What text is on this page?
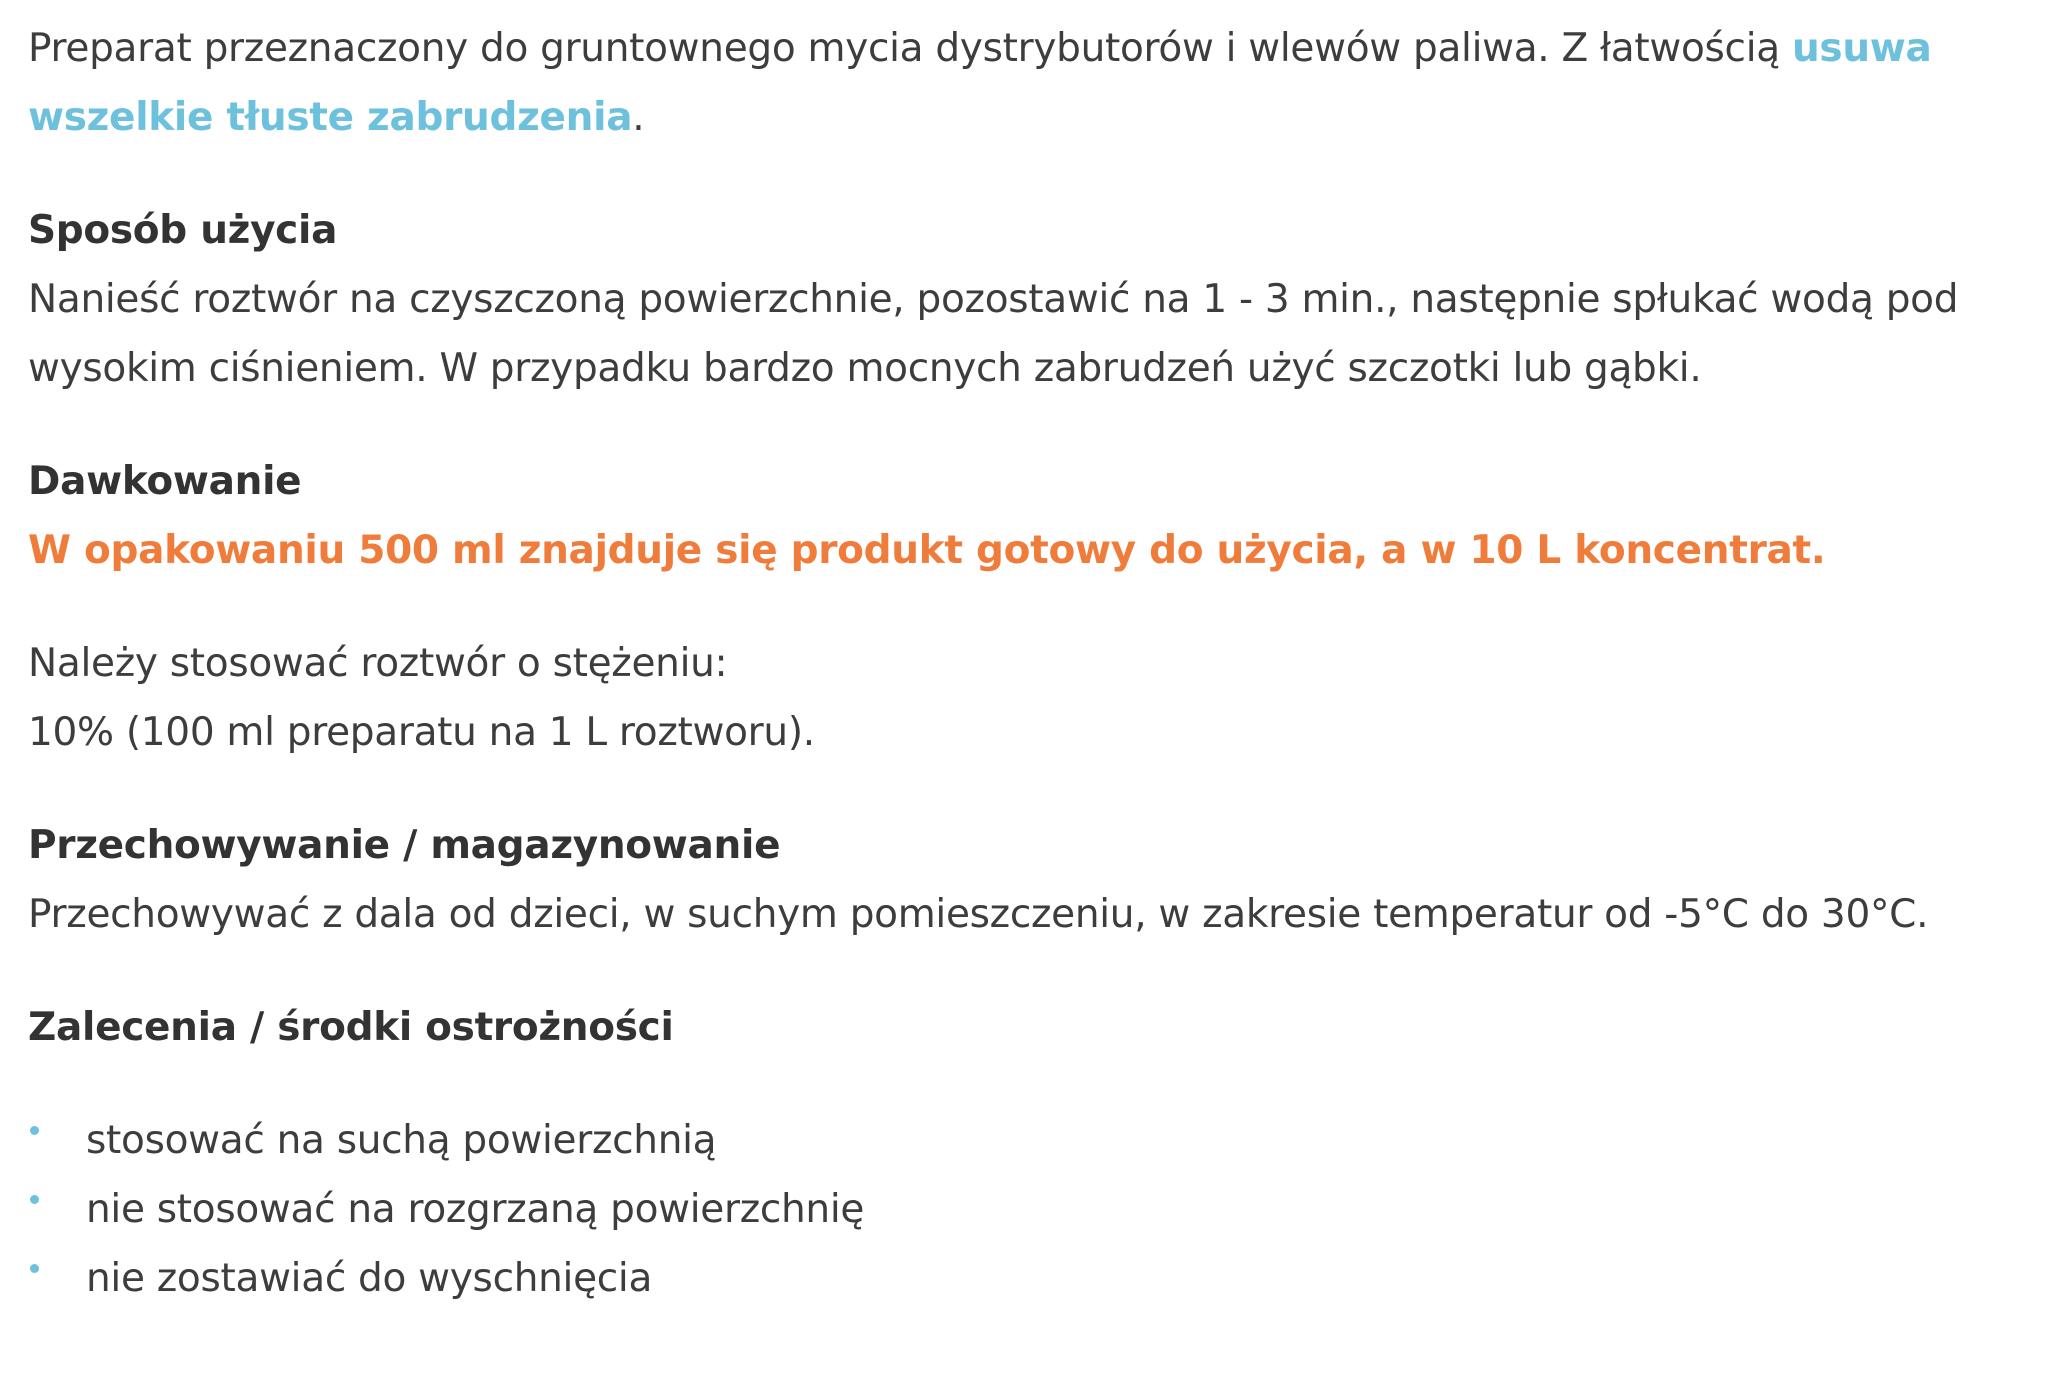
Preparat przeznaczony do gruntownego mycia dystrybutorów i wlewów paliwa. Z łatwością usuwa wszelkie tłuste zabrudzenia.

Sposób użycia

Nanieść roztwór na czyszczoną powierzchnie, pozostawić na 1 - 3 min., następnie spłukać wodą pod wysokim ciśnieniem. W przypadku bardzo mocnych zabrudzeń użyć szczotki lub gąbki.

Dawkowanie

W opakowaniu 500 ml znajduje się produkt gotowy do użycia, a w 10 L koncentrat.

Należy stosować roztwór o stężeniu:

10% (100 ml preparatu na 1 L roztworu).

Przechowywanie / magazynowanie

Przechowywać z dala od dzieci, w suchym pomieszczeniu, w zakresie temperatur od -5°C do 30°C.

Zalecenia / środki ostrożności
stosować na suchą powierzchnią
nie stosować na rozgrzaną powierzchnię
nie zostawiać do wyschnięcia
